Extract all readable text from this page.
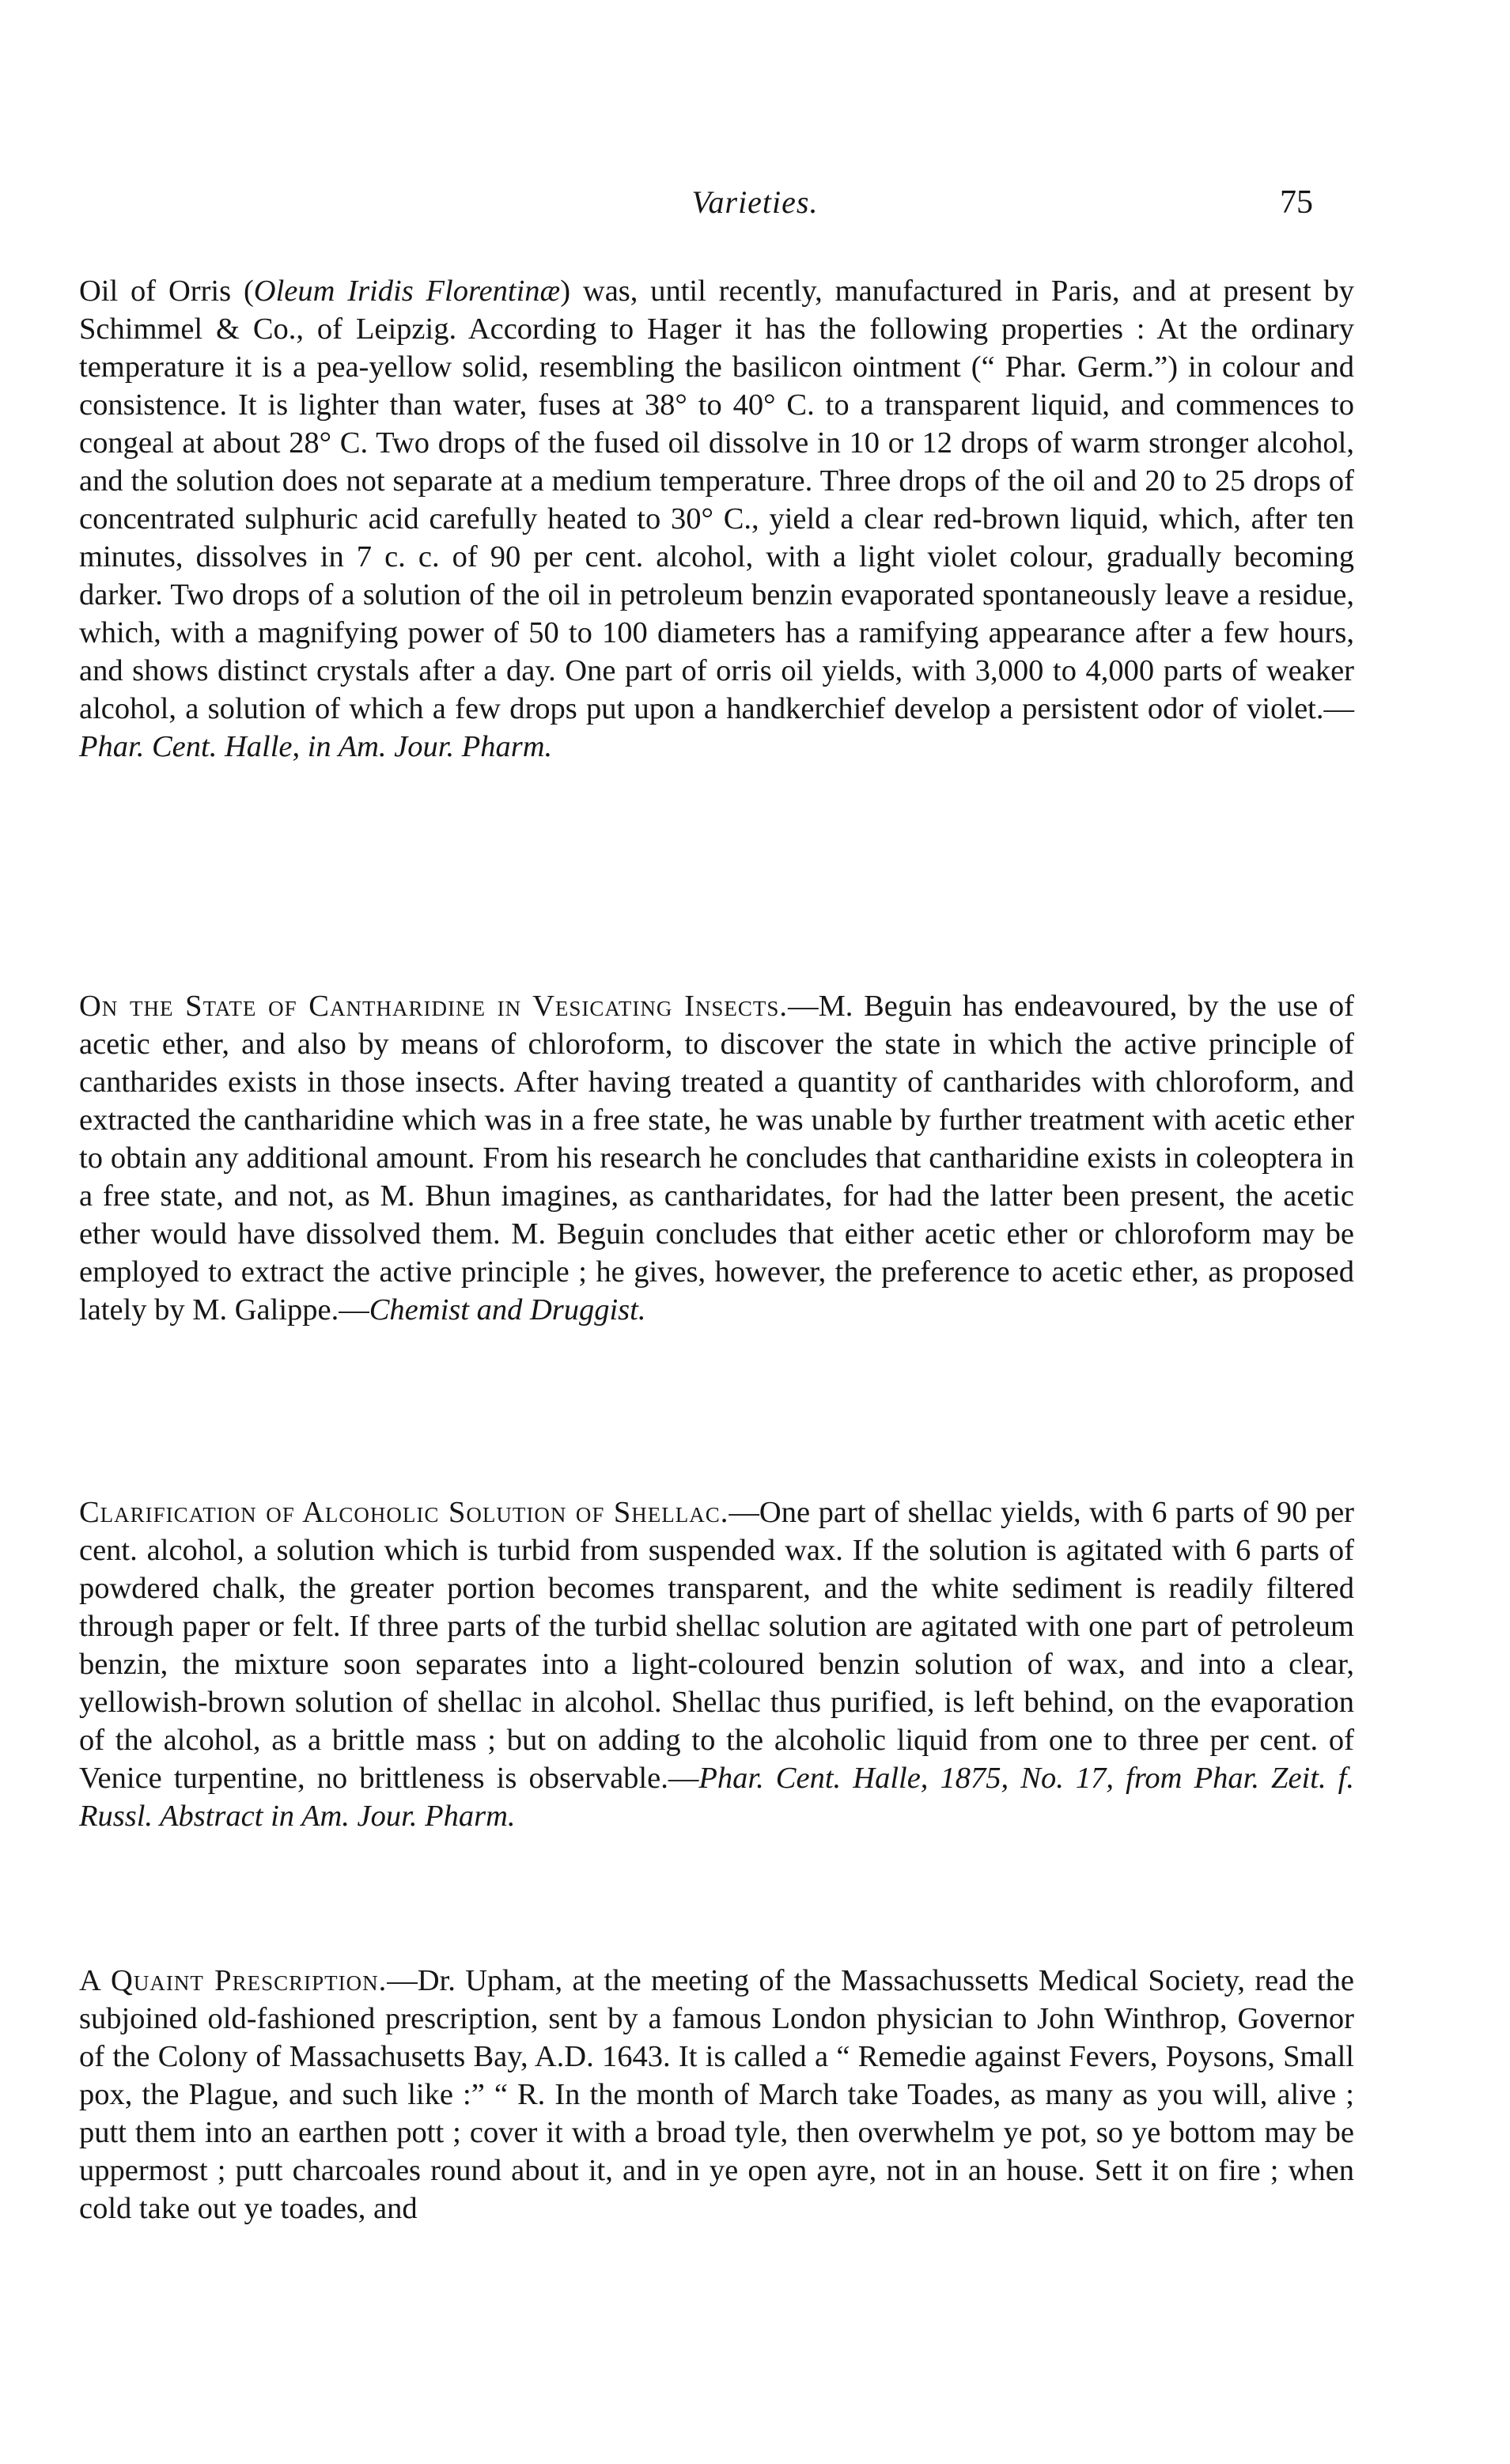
Varieties.	75
Oil of Orris (Oleum Iridis Florentinæ) was, until recently, manufactured in Paris, and at present by Schimmel & Co., of Leipzig. According to Hager it has the following properties : At the ordinary temperature it is a pea-yellow solid, resembling the basilicon ointment (“ Phar. Germ.”) in colour and consistence. It is lighter than water, fuses at 38° to 40° C. to a transparent liquid, and commences to congeal at about 28° C. Two drops of the fused oil dissolve in 10 or 12 drops of warm stronger alcohol, and the solution does not separate at a medium temperature. Three drops of the oil and 20 to 25 drops of concentrated sulphuric acid carefully heated to 30° C., yield a clear red-brown liquid, which, after ten minutes, dissolves in 7 c. c. of 90 per cent. alcohol, with a light violet colour, gradually becoming darker. Two drops of a solution of the oil in petroleum benzin evaporated spontaneously leave a residue, which, with a magnifying power of 50 to 100 diameters has a ramifying appearance after a few hours, and shows distinct crystals after a day. One part of orris oil yields, with 3,000 to 4,000 parts of weaker alcohol, a solution of which a few drops put upon a handkerchief develop a persistent odor of violet.—Phar. Cent. Halle, in Am. Jour. Pharm.
On the State of Cantharidine in Vesicating Insects.—M. Beguin has endeavoured, by the use of acetic ether, and also by means of chloroform, to discover the state in which the active principle of cantharides exists in those insects. After having treated a quantity of cantharides with chloroform, and extracted the cantharidine which was in a free state, he was unable by further treatment with acetic ether to obtain any additional amount. From his research he concludes that cantharidine exists in coleoptera in a free state, and not, as M. Bhun imagines, as cantharidates, for had the latter been present, the acetic ether would have dissolved them. M. Beguin concludes that either acetic ether or chloroform may be employed to extract the active principle ; he gives, however, the preference to acetic ether, as proposed lately by M. Galippe.—Chemist and Druggist.
Clarification of Alcoholic Solution of Shellac.—One part of shellac yields, with 6 parts of 90 per cent. alcohol, a solution which is turbid from suspended wax. If the solution is agitated with 6 parts of powdered chalk, the greater portion becomes transparent, and the white sediment is readily filtered through paper or felt. If three parts of the turbid shellac solution are agitated with one part of petroleum benzin, the mixture soon separates into a light-coloured benzin solution of wax, and into a clear, yellowish-brown solution of shellac in alcohol. Shellac thus purified, is left behind, on the evaporation of the alcohol, as a brittle mass ; but on adding to the alcoholic liquid from one to three per cent. of Venice turpentine, no brittleness is observable.—Phar. Cent. Halle, 1875, No. 17, from Phar. Zeit. f. Russl. Abstract in Am. Jour. Pharm.
A Quaint Prescription.—Dr. Upham, at the meeting of the Massachussetts Medical Society, read the subjoined old-fashioned prescription, sent by a famous London physician to John Winthrop, Governor of the Colony of Massachusetts Bay, A.D. 1643. It is called a “ Remedie against Fevers, Poysons, Small pox, the Plague, and such like :” “ R. In the month of March take Toades, as many as you will, alive ; putt them into an earthen pott ; cover it with a broad tyle, then overwhelm ye pot, so ye bottom may be uppermost ; putt charcoales round about it, and in ye open ayre, not in an house. Sett it on fire ; when cold take out ye toades, and
